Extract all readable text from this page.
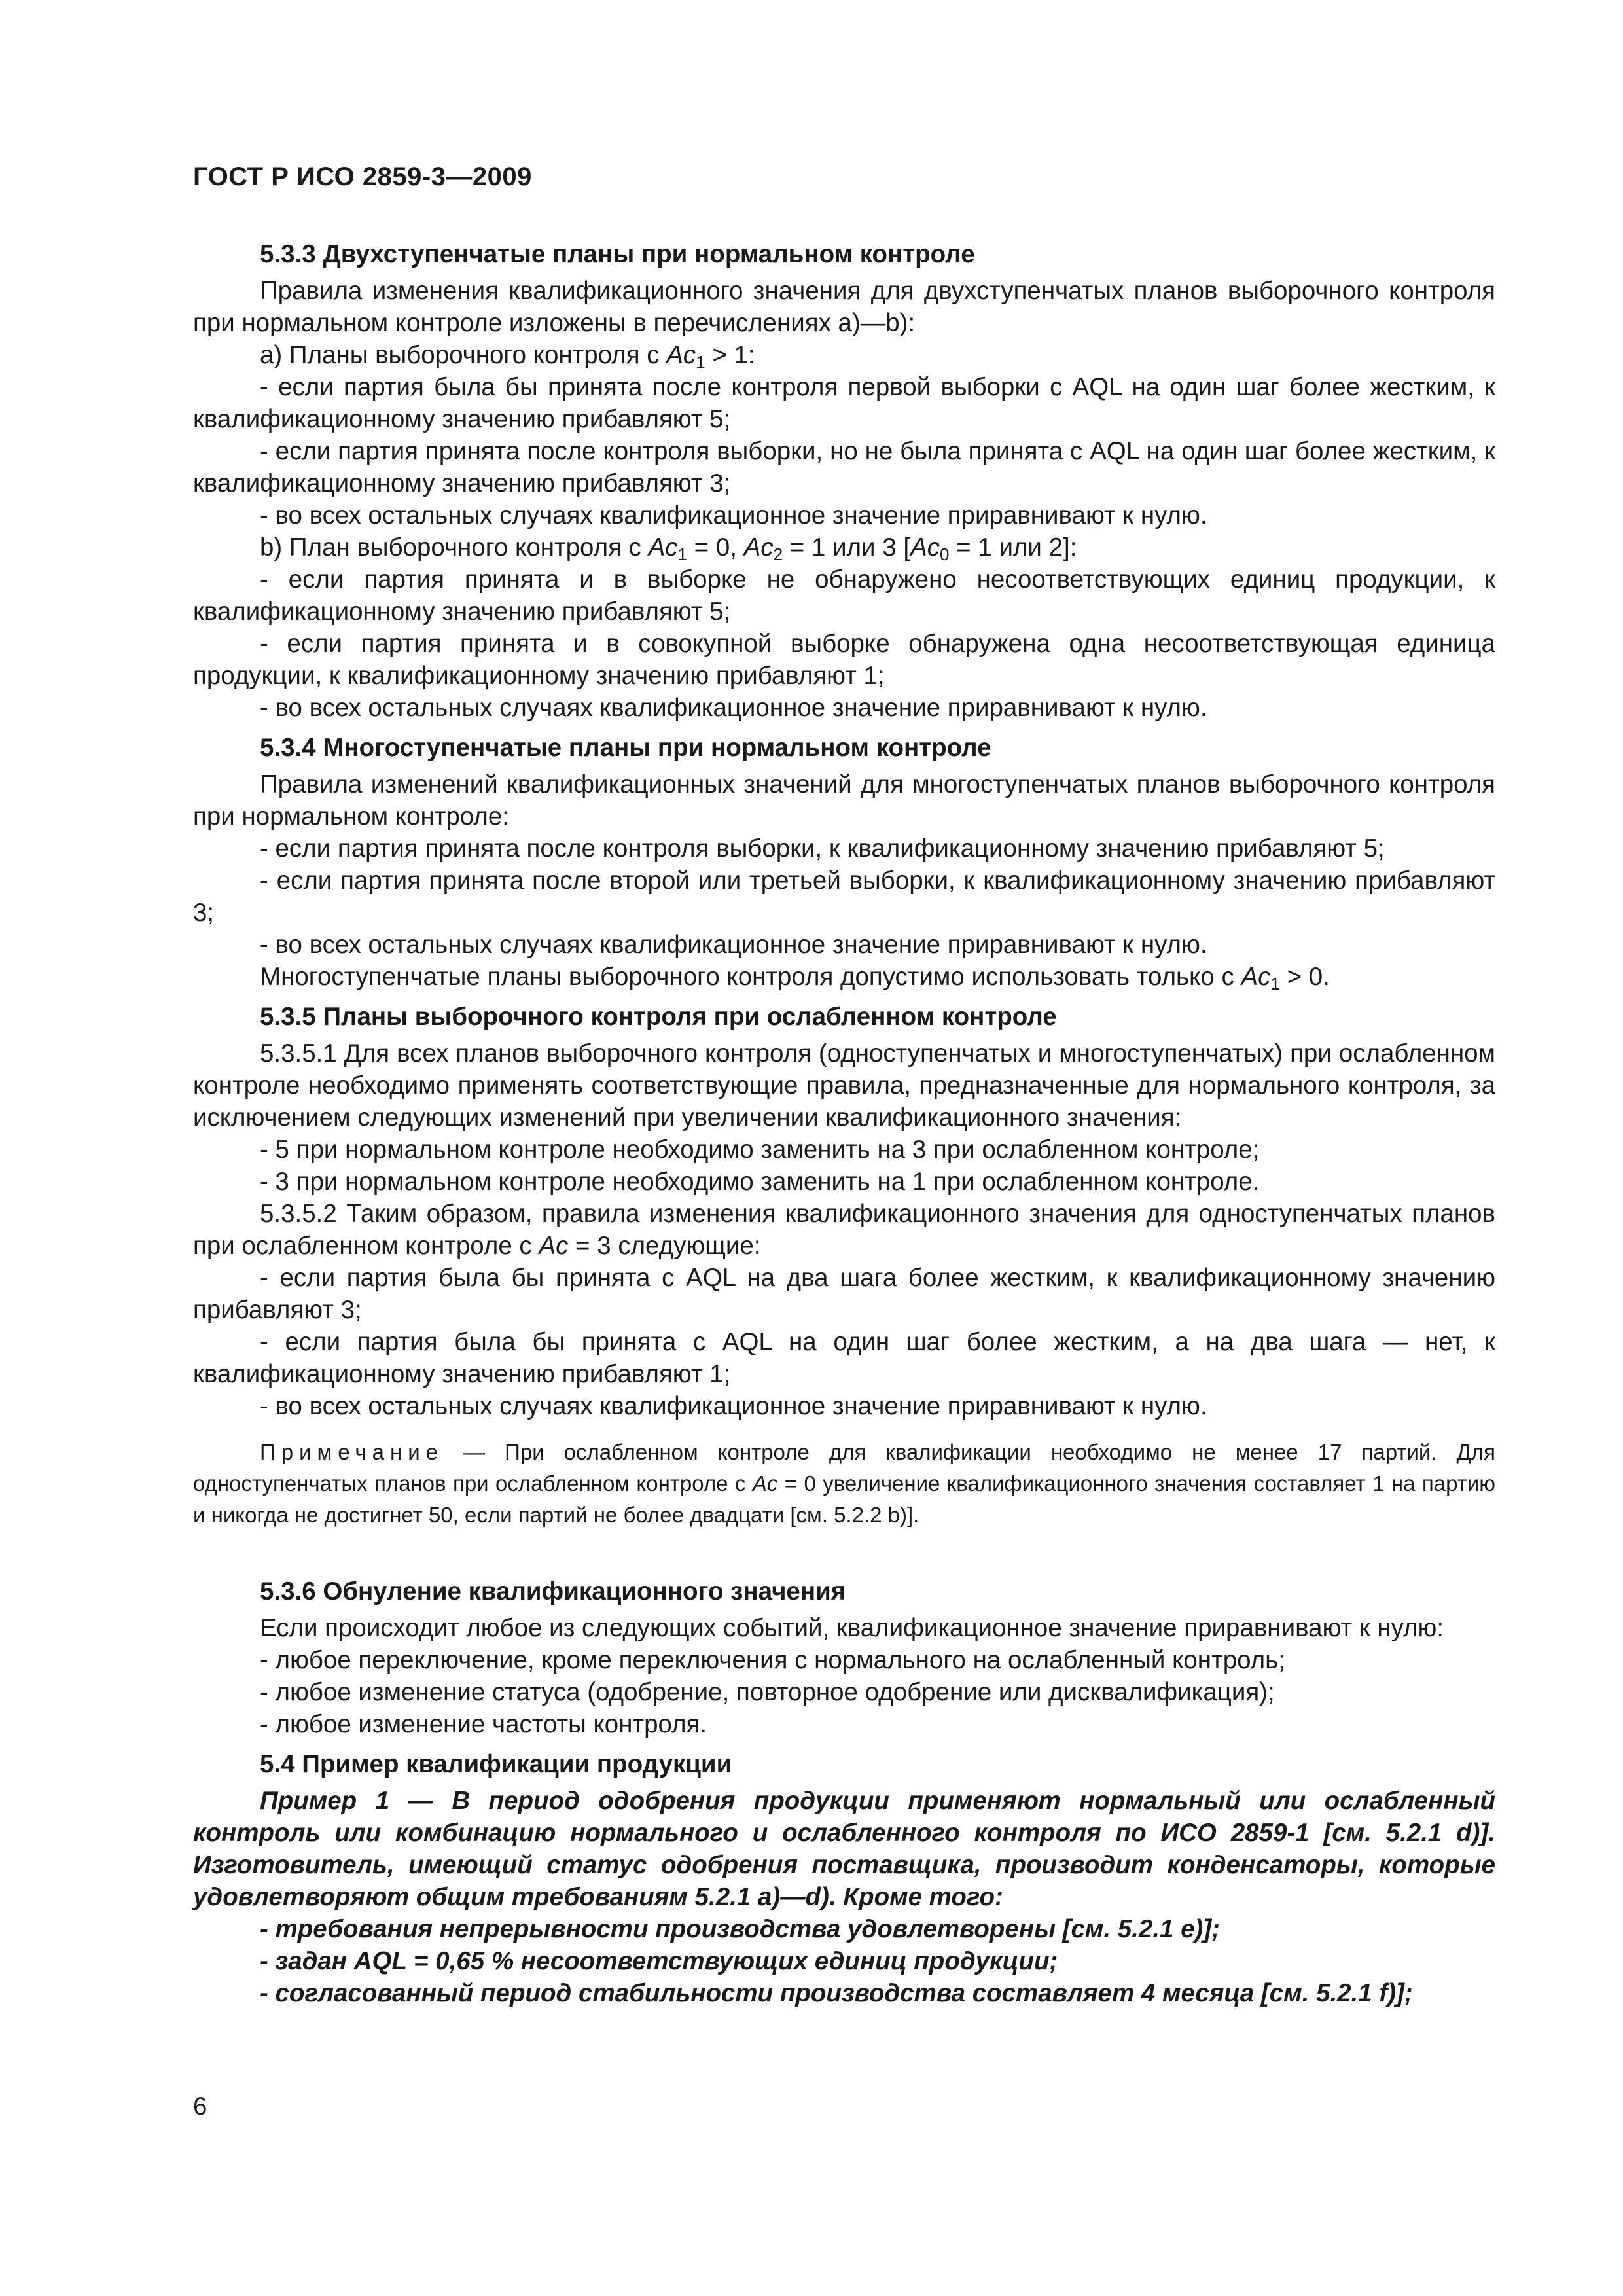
ГОСТ Р ИСО 2859-3—2009
5.3.3 Двухступенчатые планы при нормальном контроле

Правила изменения квалификационного значения для двухступенчатых планов выборочного контроля при нормальном контроле изложены в перечислениях а)—b):

а) Планы выборочного контроля с $Ac_1 > 1$:

- если партия была бы принята после контроля первой выборки с AQL на один шаг более жестким, к квалификационному значению прибавляют 5;

- если партия принята после контроля выборки, но не была принята с AQL на один шаг более жестким, к квалификационному значению прибавляют 3;

- во всех остальных случаях квалификационное значение приравнивают к нулю.

b) План выборочного контроля с $Ac_1 = 0$, $Ac_2 = 1$ или 3 [$Ac_0 = 1$ или 2]:

- если партия принята и в выборке не обнаружено несоответствующих единиц продукции, к квалификационному значению прибавляют 5;

- если партия принята и в совокупной выборке обнаружена одна несоответствующая единица продукции, к квалификационному значению прибавляют 1;

- во всех остальных случаях квалификационное значение приравнивают к нулю.

5.3.4 Многоступенчатые планы при нормальном контроле

Правила изменений квалификационных значений для многоступенчатых планов выборочного контроля при нормальном контроле:

- если партия принята после контроля выборки, к квалификационному значению прибавляют 5;

- если партия принята после второй или третьей выборки, к квалификационному значению прибавляют 3;

- во всех остальных случаях квалификационное значение приравнивают к нулю.

Многоступенчатые планы выборочного контроля допустимо использовать только с $Ac_1 > 0$.

5.3.5 Планы выборочного контроля при ослабленном контроле

5.3.5.1 Для всех планов выборочного контроля (одноступенчатых и многоступенчатых) при ослабленном контроле необходимо применять соответствующие правила, предназначенные для нормального контроля, за исключением следующих изменений при увеличении квалификационного значения:

- 5 при нормальном контроле необходимо заменить на 3 при ослабленном контроле;

- 3 при нормальном контроле необходимо заменить на 1 при ослабленном контроле.

5.3.5.2 Таким образом, правила изменения квалификационного значения для одноступенчатых планов при ослабленном контроле с Ac = 3 следующие:

- если партия была бы принята с AQL на два шага более жестким, к квалификационному значению прибавляют 3;

- если партия была бы принята с AQL на один шаг более жестким, а на два шага — нет, к квалификационному значению прибавляют 1;

- во всех остальных случаях квалификационное значение приравнивают к нулю.

Примечание — При ослабленном контроле для квалификации необходимо не менее 17 партий. Для одноступенчатых планов при ослабленном контроле с Ac = 0 увеличение квалификационного значения составляет 1 на партию и никогда не достигнет 50, если партий не более двадцати [см. 5.2.2 b)].

5.3.6 Обнуление квалификационного значения

Если происходит любое из следующих событий, квалификационное значение приравнивают к нулю:

- любое переключение, кроме переключения с нормального на ослабленный контроль;

- любое изменение статуса (одобрение, повторное одобрение или дисквалификация);

- любое изменение частоты контроля.

5.4 Пример квалификации продукции

Пример 1 — В период одобрения продукции применяют нормальный или ослабленный контроль или комбинацию нормального и ослабленного контроля по ИСО 2859-1 [см. 5.2.1 d)]. Изготовитель, имеющий статус одобрения поставщика, производит конденсаторы, которые удовлетворяют общим требованиям 5.2.1 а)—d). Кроме того:

- требования непрерывности производства удовлетворены [см. 5.2.1 е)];

- задан AQL = 0,65 % несоответствующих единиц продукции;

- согласованный период стабильности производства составляет 4 месяца [см. 5.2.1 f)];

6
